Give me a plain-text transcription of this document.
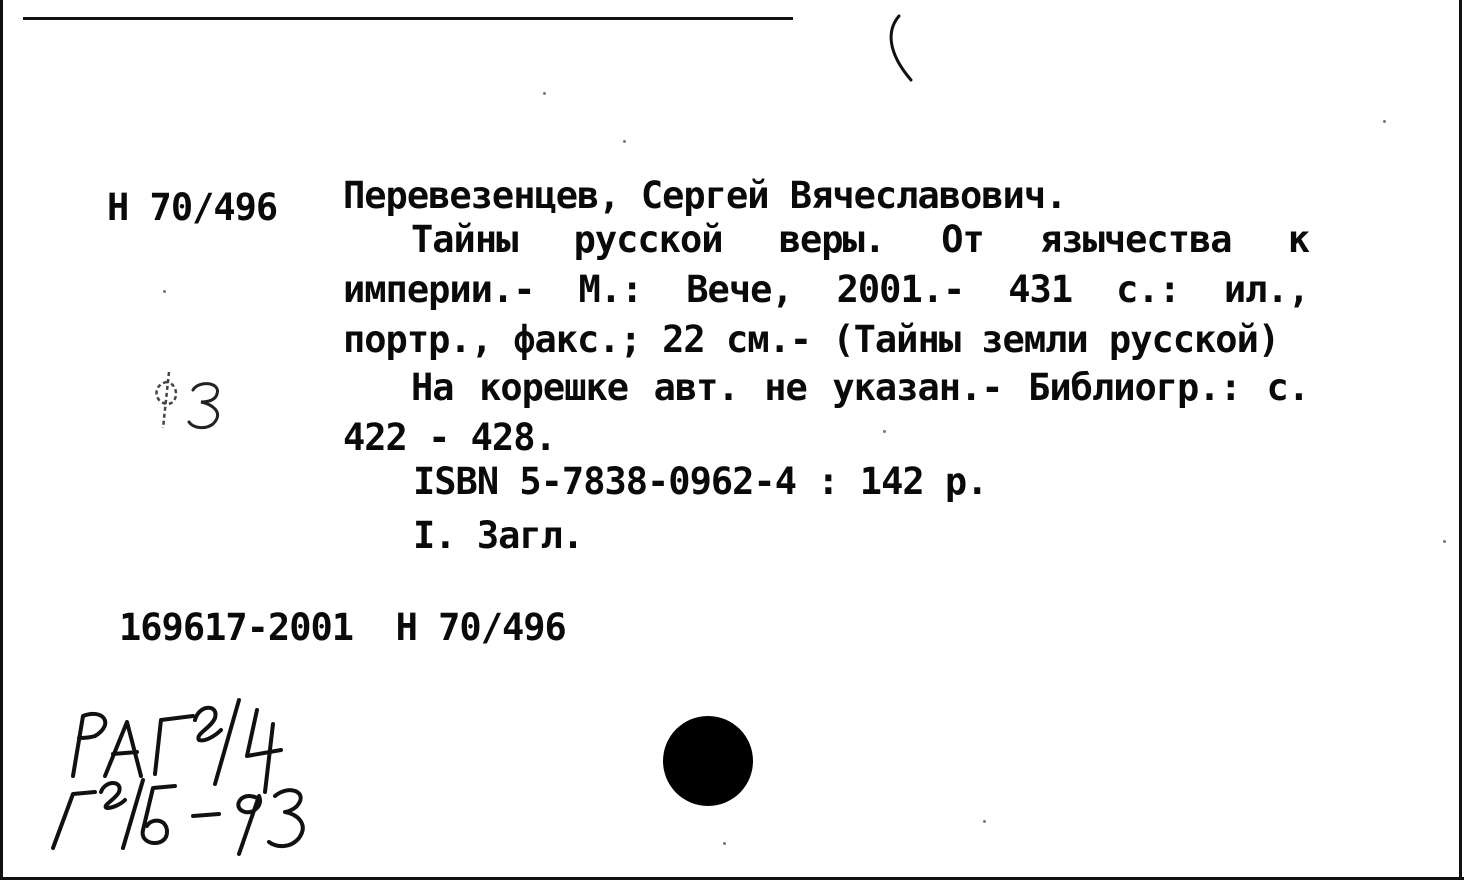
Н 70/496 Перевезенцев, Сергей Вячеславович.
Тайны русской веры. От язычества к
империи.- М.: Вече, 2001.- 431 с.: ил.,
портр., факс.; 22 см.- (Тайны земли русской)
На корешке авт. не указан.- Библиогр.: с.
422 - 428.
ISBN 5-7838-0962-4 : 142 р.
I. Загл.
169617-2001  Н 70/496
